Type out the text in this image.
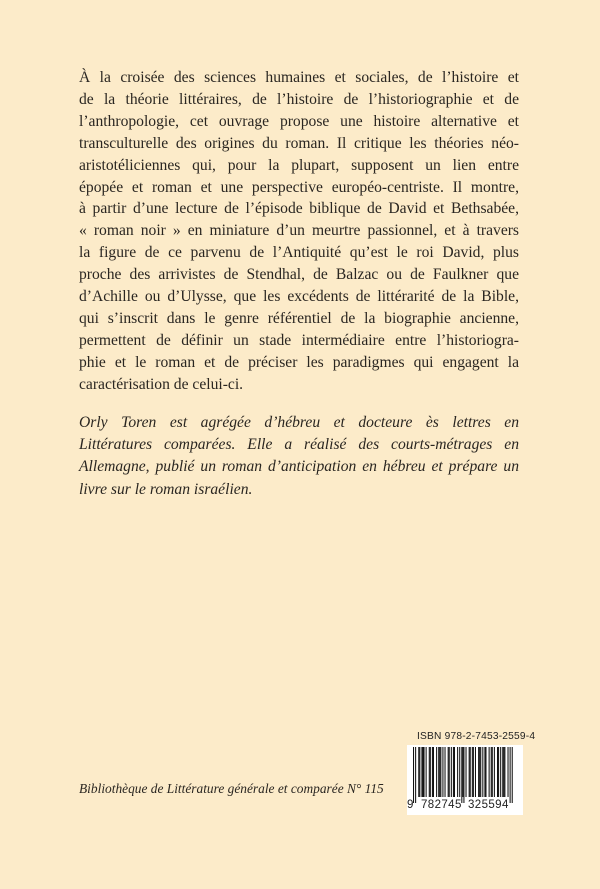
À la croisée des sciences humaines et sociales, de l’histoire et
de la théorie littéraires, de l’histoire de l’historiographie et de
l’anthropologie, cet ouvrage propose une histoire alternative et
transculturelle des origines du roman. Il critique les théories néo-
aristotéliciennes qui, pour la plupart, supposent un lien entre
épopée et roman et une perspective européo-centriste. Il montre,
à partir d’une lecture de l’épisode biblique de David et Bethsabée,
« roman noir » en miniature d’un meurtre passionnel, et à travers
la figure de ce parvenu de l’Antiquité qu’est le roi David, plus
proche des arrivistes de Stendhal, de Balzac ou de Faulkner que
d’Achille ou d’Ulysse, que les excédents de littérarité de la Bible,
qui s’inscrit dans le genre référentiel de la biographie ancienne,
permettent de définir un stade intermédiaire entre l’historiogra-
phie et le roman et de préciser les paradigmes qui engagent la
caractérisation de celui-ci.
Orly Toren est agrégée d’hébreu et docteure ès lettres en
Littératures comparées. Elle a réalisé des courts-métrages en
Allemagne, publié un roman d’anticipation en hébreu et prépare un
livre sur le roman israélien.
Bibliothèque de Littérature générale et comparée N° 115
ISBN 978-2-7453-2559-4
9 782745 325594
